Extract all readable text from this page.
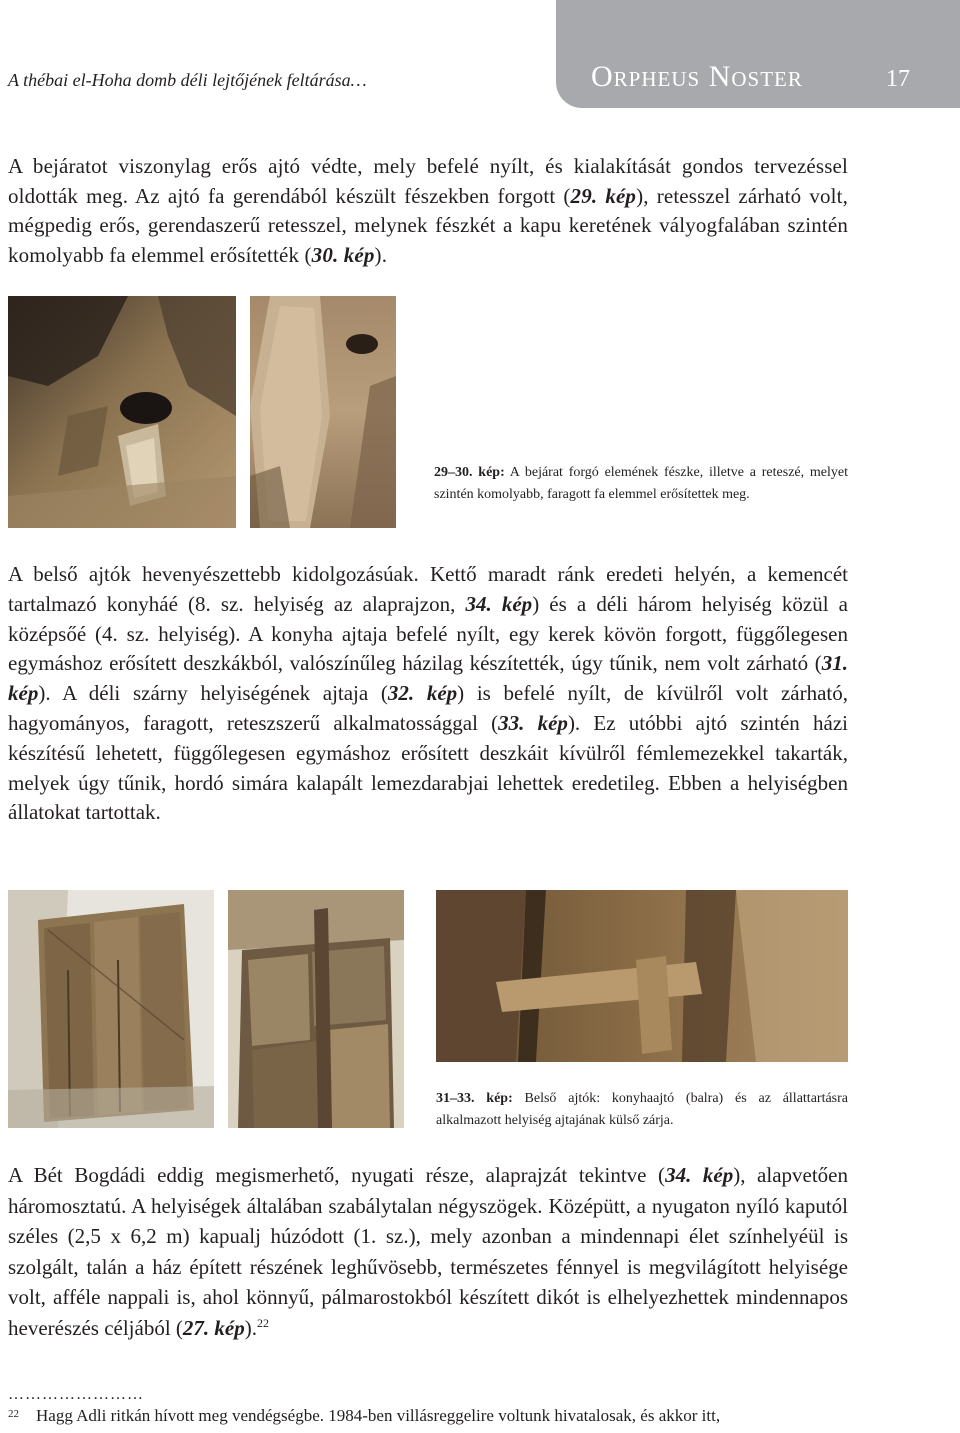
A thébai el-Hoha domb déli lejtőjének feltárása…	Orpheus Noster	17

A bejáratot viszonylag erős ajtó védte, mely befelé nyílt, és kialakítását gondos tervezéssel oldották meg. Az ajtó fa gerendából készült fészekben forgott (29. kép), retesszel zárható volt, mégpedig erős, gerendaszerű retesszel, melynek fészkét a kapu keretének vályogfalában szintén komolyabb fa elemmel erősítették (30. kép).

29–30. kép: A bejárat forgó elemének fészke, illetve a reteszé, melyet szintén komolyabb, faragott fa elemmel erősítettek meg.

A belső ajtók hevenyészettebb kidolgozásúak. Kettő maradt ránk eredeti helyén, a kemencét tartalmazó konyháé (8. sz. helyiség az alaprajzon, 34. kép) és a déli három helyiség közül a középsőé (4. sz. helyiség). A konyha ajtaja befelé nyílt, egy kerek kövön forgott, függőlegesen egymáshoz erősített deszkákból, valószínűleg házilag készítették, úgy tűnik, nem volt zárható (31. kép). A déli szárny helyiségének ajtaja (32. kép) is befelé nyílt, de kívülről volt zárható, hagyományos, faragott, reteszszerű alkalmatossággal (33. kép). Ez utóbbi ajtó szintén házi készítésű lehetett, függőlegesen egymáshoz erősített deszkáit kívülről fémlemezekkel takarták, melyek úgy tűnik, hordó simára kalapált lemezdarabjai lehettek eredetileg. Ebben a helyiségben állatokat tartottak.

31–33. kép: Belső ajtók: konyhaajtó (balra) és az állattartásra alkalmazott helyiség ajtajának külső zárja.

A Bét Bogdádi eddig megismerhető, nyugati része, alaprajzát tekintve (34. kép), alapvetően háromosztatú. A helyiségek általában szabálytalan négyszögek. Középütt, a nyugaton nyíló kaputól széles (2,5 x 6,2 m) kapualj húzódott (1. sz.), mely azonban a mindennapi élet színhelyéül is szolgált, talán a ház épített részének leghűvösebb, természetes fénnyel is megvilágított helyisége volt, afféle nappali is, ahol könnyű, pálmarostokból készített dikót is elhelyezhettek mindennapos heverészés céljából (27. kép).$^{22}$

……………………
22 Hagg Adli ritkán hívott meg vendégségbe. 1984-ben villásreggelire voltunk hivatalosak, és akkor itt,
